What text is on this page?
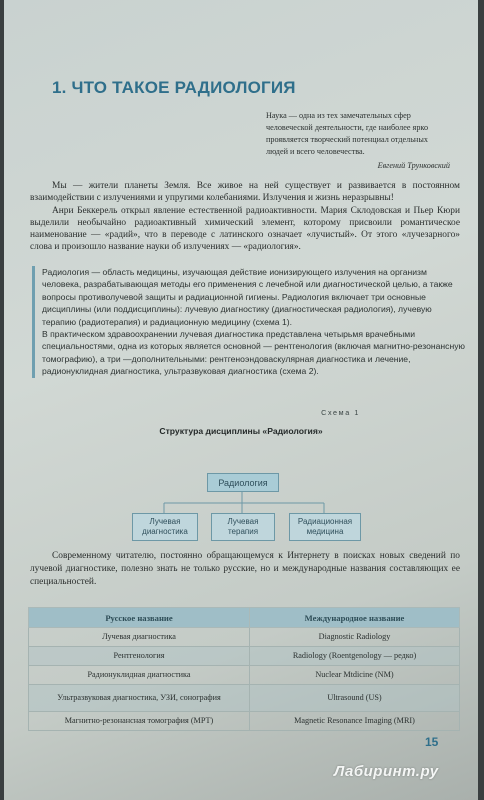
1. ЧТО ТАКОЕ РАДИОЛОГИЯ
Наука — одна из тех замечательных сфер человеческой деятельности, где наиболее ярко проявляется творческий потенциал отдельных людей и всего человечества.
Евгений Трунковский

Мы — жители планеты Земля. Все живое на ней существует и развивается в постоянном взаимодействии с излучениями и упругими колебаниями. Излучения и жизнь неразрывны!

Анри Беккерель открыл явление естественной радиоактивности. Мария Склодовская и Пьер Кюри выделили необычайно радиоактивный химический элемент, которому присвоили романтическое наименование — «радий», что в переводе с латинского означает «лучистый». От этого «лучезарного» слова и произошло название науки об излучениях — «радиология».

Радиология — область медицины, изучающая действие ионизирующего излучения на организм человека, разрабатывающая методы его применения с лечебной или диагностической целью, а также вопросы противолучевой защиты и радиационной гигиены. Радиология включает три основные дисциплины (или поддисциплины): лучевую диагностику (диагностическая радиология), лучевую терапию (радиотерапия) и радиационную медицину (схема 1).

В практическом здравоохранении лучевая диагностика представлена четырьмя врачебными специальностями, одна из которых является основной — рентгенология (включая магнитно-резонансную томографию), а три —дополнительными: рентгеноэндоваскулярная диагностика и лечение, радионуклидная диагностика, ультразвуковая диагностика (схема 2).

Схема 1
Структура дисциплины «Радиология»
Радиология
Лучевая
диагностика
Лучевая
терапия
Радиационная
медицина

Современному читателю, постоянно обращающемуся к Интернету в поисках новых сведений по лучевой диагностике, полезно знать не только русские, но и международные названия составляющих ее специальностей.

Русское название	Международное название
Лучевая диагностика	Diagnostic Radiology
Рентгенология	Radiology (Roentgenology — редко)
Радионуклидная диагностика	Nuclear Mtdicine (NM)
Ультразвуковая диагностика, УЗИ, сонография	Ultrasound (US)
Магнитно-резонансная томография (МРТ)	Magnetic Resonance Imaging (MRI)
15
Лабиринт.ру
